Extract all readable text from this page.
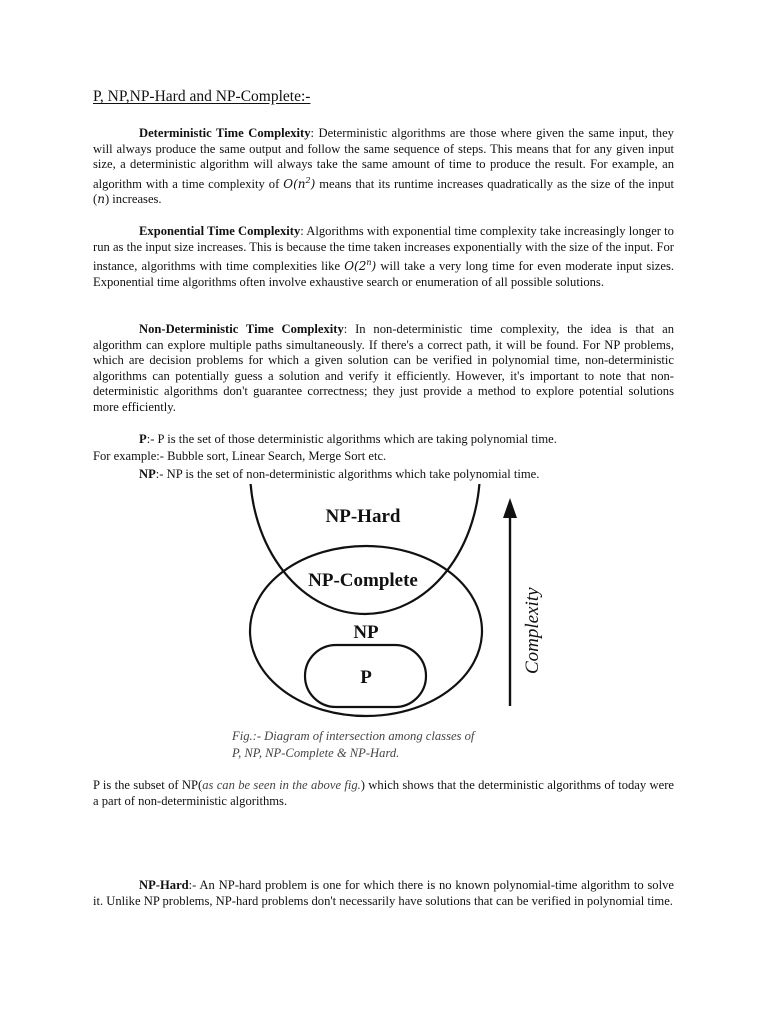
P, NP,NP-Hard and NP-Complete:-
Deterministic Time Complexity: Deterministic algorithms are those where given the same input, they will always produce the same output and follow the same sequence of steps. This means that for any given input size, a deterministic algorithm will always take the same amount of time to produce the result. For example, an algorithm with a time complexity of $O(n^2)$ means that its runtime increases quadratically as the size of the input (n) increases.
Exponential Time Complexity: Algorithms with exponential time complexity take increasingly longer to run as the input size increases. This is because the time taken increases exponentially with the size of the input. For instance, algorithms with time complexities like O(2$^n$) will take a very long time for even moderate input sizes. Exponential time algorithms often involve exhaustive search or enumeration of all possible solutions.
Non-Deterministic Time Complexity: In non-deterministic time complexity, the idea is that an algorithm can explore multiple paths simultaneously. If there's a correct path, it will be found. For NP problems, which are decision problems for which a given solution can be verified in polynomial time, non-deterministic algorithms can potentially guess a solution and verify it efficiently. However, it's important to note that non-deterministic algorithms don't guarantee correctness; they just provide a method to explore potential solutions more efficiently.
P:- P is the set of those deterministic algorithms which are taking polynomial time.
For example:- Bubble sort, Linear Search, Merge Sort etc.
NP:- NP is the set of non-deterministic algorithms which take polynomial time.
NP-Hard
NP-Complete
NP
P
Complexity
Fig.:- Diagram of intersection among classes of
P, NP, NP-Complete & NP-Hard.
P is the subset of NP(as can be seen in the above fig.) which shows that the deterministic algorithms of today were a part of non-deterministic algorithms.
NP-Hard:- An NP-hard problem is one for which there is no known polynomial-time algorithm to solve it. Unlike NP problems, NP-hard problems don't necessarily have solutions that can be verified in polynomial time.
